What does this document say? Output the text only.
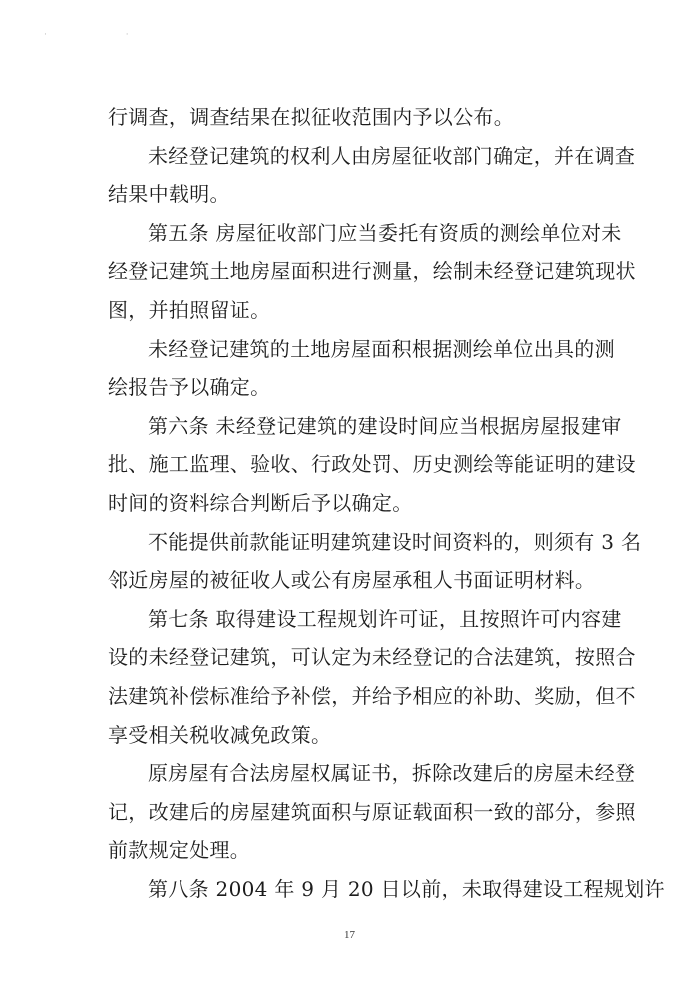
· ·
行调查，调查结果在拟征收范围内予以公布。
未经登记建筑的权利人由房屋征收部门确定，并在调查
结果中载明。
第五条 房屋征收部门应当委托有资质的测绘单位对未
经登记建筑土地房屋面积进行测量，绘制未经登记建筑现状
图，并拍照留证。
未经登记建筑的土地房屋面积根据测绘单位出具的测
绘报告予以确定。
第六条 未经登记建筑的建设时间应当根据房屋报建审
批、施工监理、验收、行政处罚、历史测绘等能证明的建设
时间的资料综合判断后予以确定。
不能提供前款能证明建筑建设时间资料的，则须有 3 名
邻近房屋的被征收人或公有房屋承租人书面证明材料。
第七条 取得建设工程规划许可证，且按照许可内容建
设的未经登记建筑，可认定为未经登记的合法建筑，按照合
法建筑补偿标准给予补偿，并给予相应的补助、奖励，但不
享受相关税收减免政策。
原房屋有合法房屋权属证书，拆除改建后的房屋未经登
记，改建后的房屋建筑面积与原证载面积一致的部分，参照
前款规定处理。
第八条 2004 年 9 月 20 日以前，未取得建设工程规划许
17
